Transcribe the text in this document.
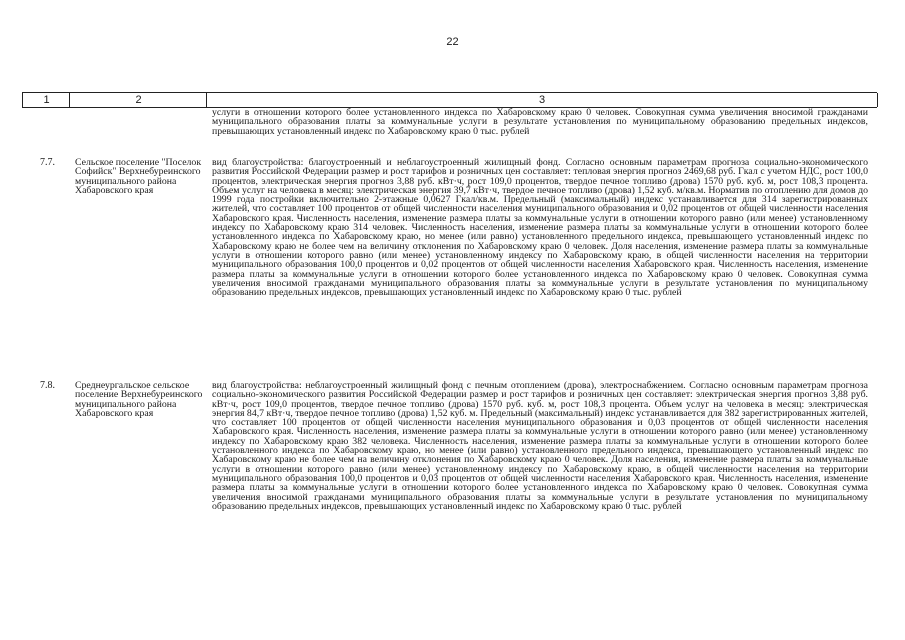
22
1	2	3
услуги в отношении которого более установленного индекса по Хабаровскому краю 0 человек. Совокупная сумма увеличения вносимой гражданами муниципального образования платы за коммунальные услуги в результате установления по муниципальному образованию предельных индексов, превышающих установленный индекс по Хабаровскому краю 0 тыс. рублей
7.7. Сельское поселение "Поселок Софийск" Верхнебуреинского муниципального района Хабаровского края
вид благоустройства: благоустроенный и неблагоустроенный жилищный фонд. Согласно основным параметрам прогноза социально-экономического развития Российской Федерации размер и рост тарифов и розничных цен составляет: тепловая энергия прогноз 2469,68 руб. Гкал с учетом НДС, рост 100,0 процентов, электрическая энергия прогноз 3,88 руб. кВт·ч, рост 109,0 процентов, твердое печное топливо (дрова) 1570 руб. куб. м, рост 108,3 процента. Объем услуг на человека в месяц: электрическая энергия 39,7 кВт·ч, твердое печное топливо (дрова) 1,52 куб. м/кв.м. Норматив по отоплению для домов до 1999 года постройки включительно 2-этажные 0,0627 Гкал/кв.м. Предельный (максимальный) индекс устанавливается для 314 зарегистрированных жителей, что составляет 100 процентов от общей численности населения муниципального образования и 0,02 процентов от общей численности населения Хабаровского края. Численность населения, изменение размера платы за коммунальные услуги в отношении которого равно (или менее) установленному индексу по Хабаровскому краю 314 человек. Численность населения, изменение размера платы за коммунальные услуги в отношении которого более установленного индекса по Хабаровскому краю, но менее (или равно) установленного предельного индекса, превышающего установленный индекс по Хабаровскому краю не более чем на величину отклонения по Хабаровскому краю 0 человек. Доля населения, изменение размера платы за коммунальные услуги в отношении которого равно (или менее) установленному индексу по Хабаровскому краю, в общей численности населения на территории муниципального образования 100,0 процентов и 0,02 процентов от общей численности населения Хабаровского края. Численность населения, изменение размера платы за коммунальные услуги в отношении которого более установленного индекса по Хабаровскому краю 0 человек. Совокупная сумма увеличения вносимой гражданами муниципального образования платы за коммунальные услуги в результате установления по муниципальному образованию предельных индексов, превышающих установленный индекс по Хабаровскому краю 0 тыс. рублей
7.8. Среднеургальское сельское поселение Верхнебуреинского муниципального района Хабаровского края
вид благоустройства: неблагоустроенный жилищный фонд с печным отоплением (дрова), электроснабжением. Согласно основным параметрам прогноза социально-экономического развития Российской Федерации размер и рост тарифов и розничных цен составляет: электрическая энергия прогноз 3,88 руб. кВт·ч, рост 109,0 процентов, твердое печное топливо (дрова) 1570 руб. куб. м, рост 108,3 процента. Объем услуг на человека в месяц: электрическая энергия 84,7 кВт·ч, твердое печное топливо (дрова) 1,52 куб. м. Предельный (максимальный) индекс устанавливается для 382 зарегистрированных жителей, что составляет 100 процентов от общей численности населения муниципального образования и 0,03 процентов от общей численности населения Хабаровского края. Численность населения, изменение размера платы за коммунальные услуги в отношении которого равно (или менее) установленному индексу по Хабаровскому краю 382 человека. Численность населения, изменение размера платы за коммунальные услуги в отношении которого более установленного индекса по Хабаровскому краю, но менее (или равно) установленного предельного индекса, превышающего установленный индекс по Хабаровскому краю не более чем на величину отклонения по Хабаровскому краю 0 человек. Доля населения, изменение размера платы за коммунальные услуги в отношении которого равно (или менее) установленному индексу по Хабаровскому краю, в общей численности населения на территории муниципального образования 100,0 процентов и 0,03 процентов от общей численности населения Хабаровского края. Численность населения, изменение размера платы за коммунальные услуги в отношении которого более установленного индекса по Хабаровскому краю 0 человек. Совокупная сумма увеличения вносимой гражданами муниципального образования платы за коммунальные услуги в результате установления по муниципальному образованию предельных индексов, превышающих установленный индекс по Хабаровскому краю 0 тыс. рублей
